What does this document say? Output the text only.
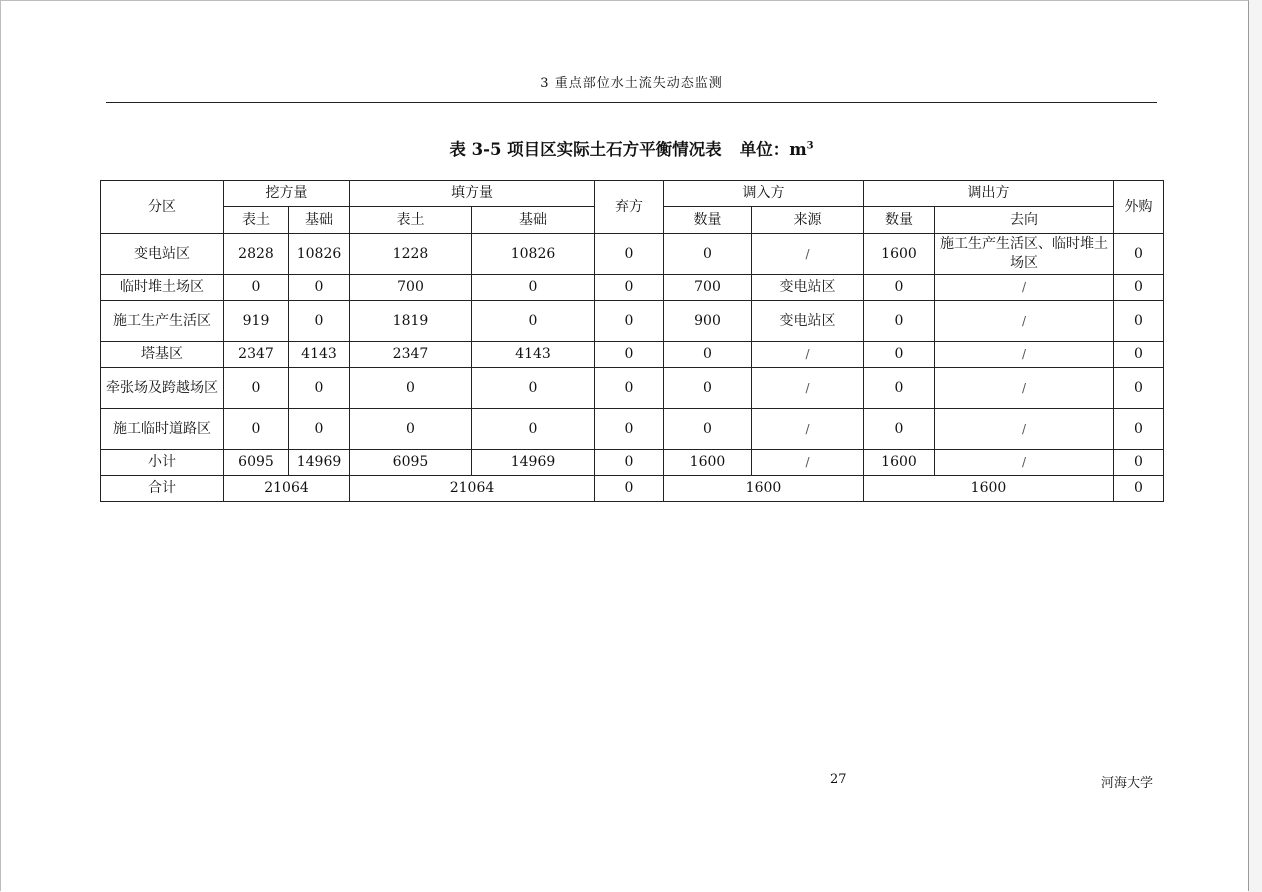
3 重点部位水土流失动态监测
表 3-5 项目区实际土石方平衡情况表 单位：$m^3$
分区	挖方量		填方量		弃方	调入方		调出方		外购
	表土	基础	表土	基础		数量	来源	数量	去向	
变电站区	2828	10826	1228	10826	0	0	/	1600	施工生产生活区、临时堆土场区	0
临时堆土场区	0	0	700	0	0	700	变电站区	0	/	0
施工生产生活区	919	0	1819	0	0	900	变电站区	0	/	0
塔基区	2347	4143	2347	4143	0	0	/	0	/	0
牵张场及跨越场区	0	0	0	0	0	0	/	0	/	0
施工临时道路区	0	0	0	0	0	0	/	0	/	0
小计	6095	14969	6095	14969	0	1600	/	1600	/	0
合计	21064		21064		0	1600		1600		0
27	河海大学
